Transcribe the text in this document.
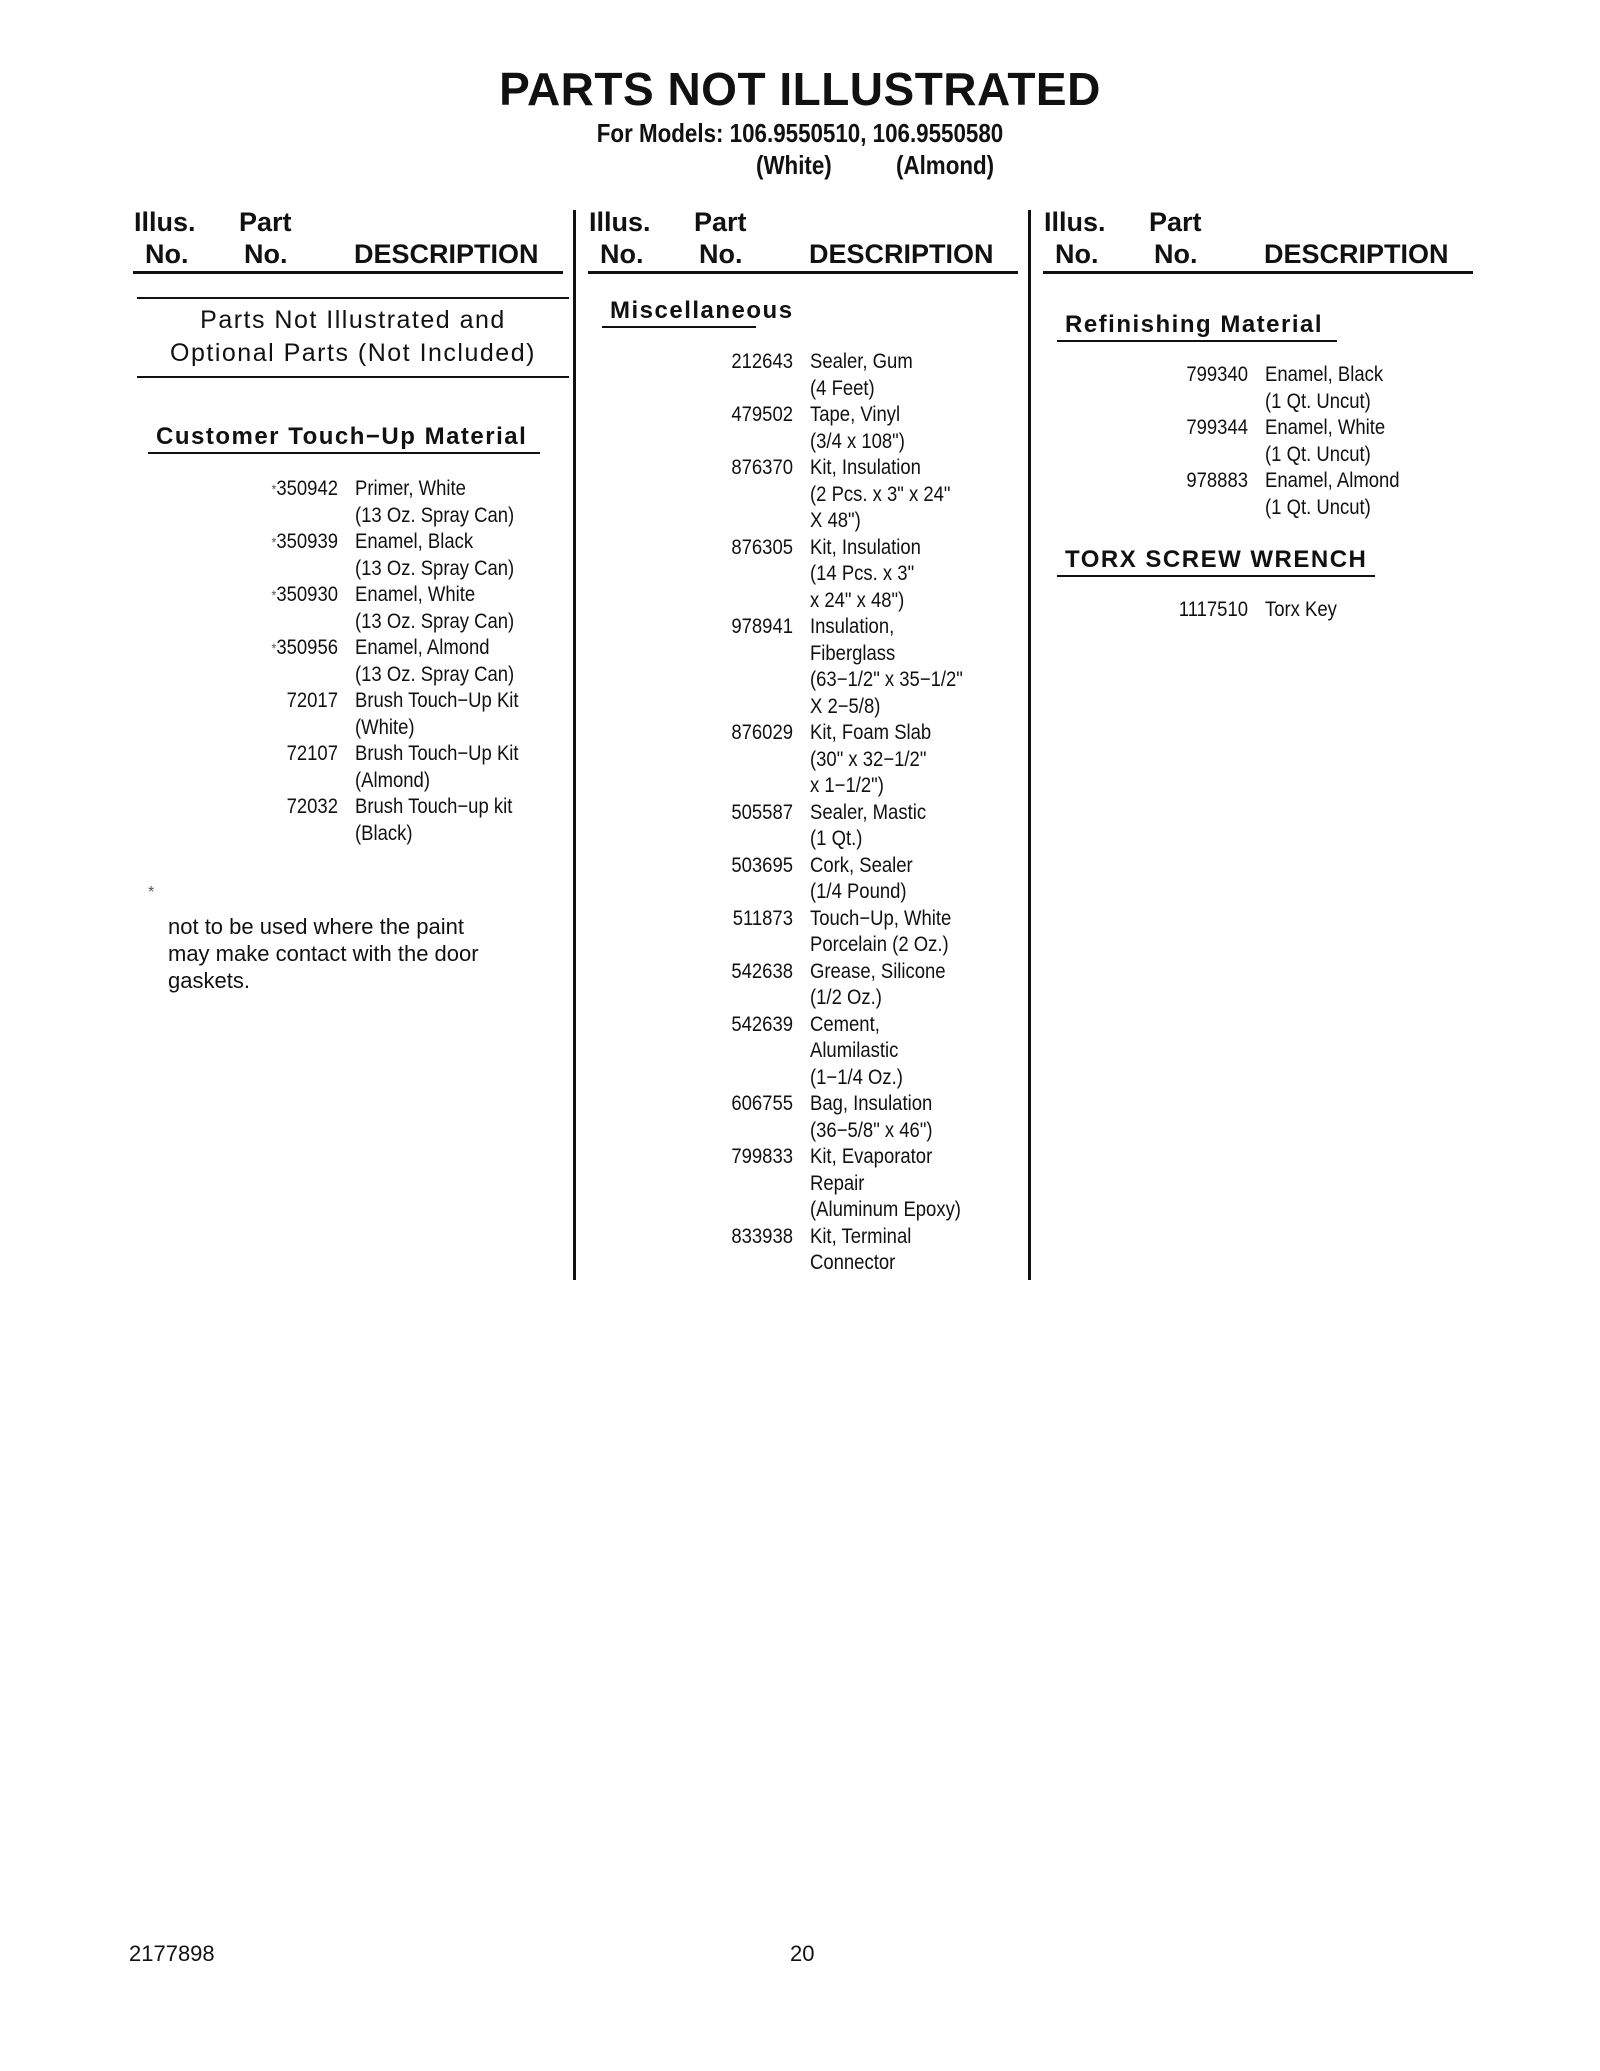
PARTS NOT ILLUSTRATED
For Models: 106.9550510, 106.9550580
(White) (Almond)
Illus. Part
No. No. DESCRIPTION
Illus. Part
No. No. DESCRIPTION
Illus. Part
No. No. DESCRIPTION
Parts Not Illustrated and
Optional Parts (Not Included)
Customer Touch−Up Material
*350942 Primer, White
(13 Oz. Spray Can)
*350939 Enamel, Black
(13 Oz. Spray Can)
*350930 Enamel, White
(13 Oz. Spray Can)
*350956 Enamel, Almond
(13 Oz. Spray Can)
72017 Brush Touch−Up Kit
(White)
72107 Brush Touch−Up Kit
(Almond)
72032 Brush Touch−up kit
(Black)
*
not to be used where the paint
may make contact with the door
gaskets.
Miscellaneous
212643 Sealer, Gum
(4 Feet)
479502 Tape, Vinyl
(3/4 x 108")
876370 Kit, Insulation
(2 Pcs. x 3" x 24"
X 48")
876305 Kit, Insulation
(14 Pcs. x 3"
x 24" x 48")
978941 Insulation,
Fiberglass
(63−1/2" x 35−1/2"
X 2−5/8)
876029 Kit, Foam Slab
(30" x 32−1/2"
x 1−1/2")
505587 Sealer, Mastic
(1 Qt.)
503695 Cork, Sealer
(1/4 Pound)
511873 Touch−Up, White
Porcelain (2 Oz.)
542638 Grease, Silicone
(1/2 Oz.)
542639 Cement,
Alumilastic
(1−1/4 Oz.)
606755 Bag, Insulation
(36−5/8" x 46")
799833 Kit, Evaporator
Repair
(Aluminum Epoxy)
833938 Kit, Terminal
Connector
Refinishing Material
799340 Enamel, Black
(1 Qt. Uncut)
799344 Enamel, White
(1 Qt. Uncut)
978883 Enamel, Almond
(1 Qt. Uncut)
TORX SCREW WRENCH
1117510 Torx Key
2177898	20
